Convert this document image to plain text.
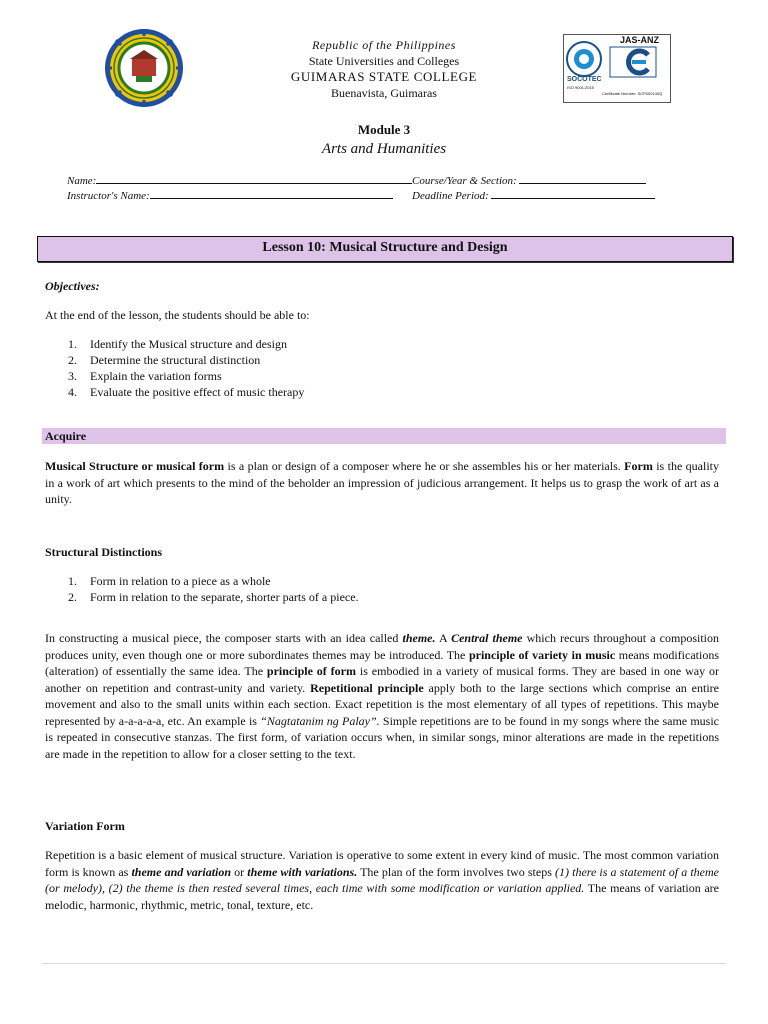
Republic of the Philippines
State Universities and Colleges
GUIMARAS STATE COLLEGE
Buenavista, Guimaras
JAS-ANZ
SOCOTEC
ISO 9001:2015
Certificate Number: SCP000140Q
Module 3
Arts and Humanities
Name:	Course/Year & Section:
Instructor's Name:	Deadline Period:
Lesson 10: Musical Structure and Design
Objectives:
At the end of the lesson, the students should be able to:
1. Identify the Musical structure and design
2. Determine the structural distinction
3. Explain the variation forms
4. Evaluate the positive effect of music therapy
Acquire
Musical Structure or musical form is a plan or design of a composer where he or she assembles his or her materials. Form is the quality in a work of art which presents to the mind of the beholder an impression of judicious arrangement. It helps us to grasp the work of art as a unity.
Structural Distinctions
1. Form in relation to a piece as a whole
2. Form in relation to the separate, shorter parts of a piece.
In constructing a musical piece, the composer starts with an idea called theme. A Central theme which recurs throughout a composition produces unity, even though one or more subordinates themes may be introduced. The principle of variety in music means modifications (alteration) of essentially the same idea. The principle of form is embodied in a variety of musical forms. They are based in one way or another on repetition and contrast-unity and variety. Repetitional principle apply both to the large sections which comprise an entire movement and also to the small units within each section. Exact repetition is the most elementary of all types of repetitions. This maybe represented by a-a-a-a-a, etc. An example is “Nagtatanim ng Palay”. Simple repetitions are to be found in my songs where the same music is repeated in consecutive stanzas. The first form, of variation occurs when, in similar songs, minor alterations are made in the repetitions are made in the repetition to allow for a closer setting to the text.
Variation Form
Repetition is a basic element of musical structure. Variation is operative to some extent in every kind of music. The most common variation form is known as theme and variation or theme with variations. The plan of the form involves two steps (1) there is a statement of a theme (or melody), (2) the theme is then rested several times, each time with some modification or variation applied. The means of variation are melodic, harmonic, rhythmic, metric, tonal, texture, etc.
